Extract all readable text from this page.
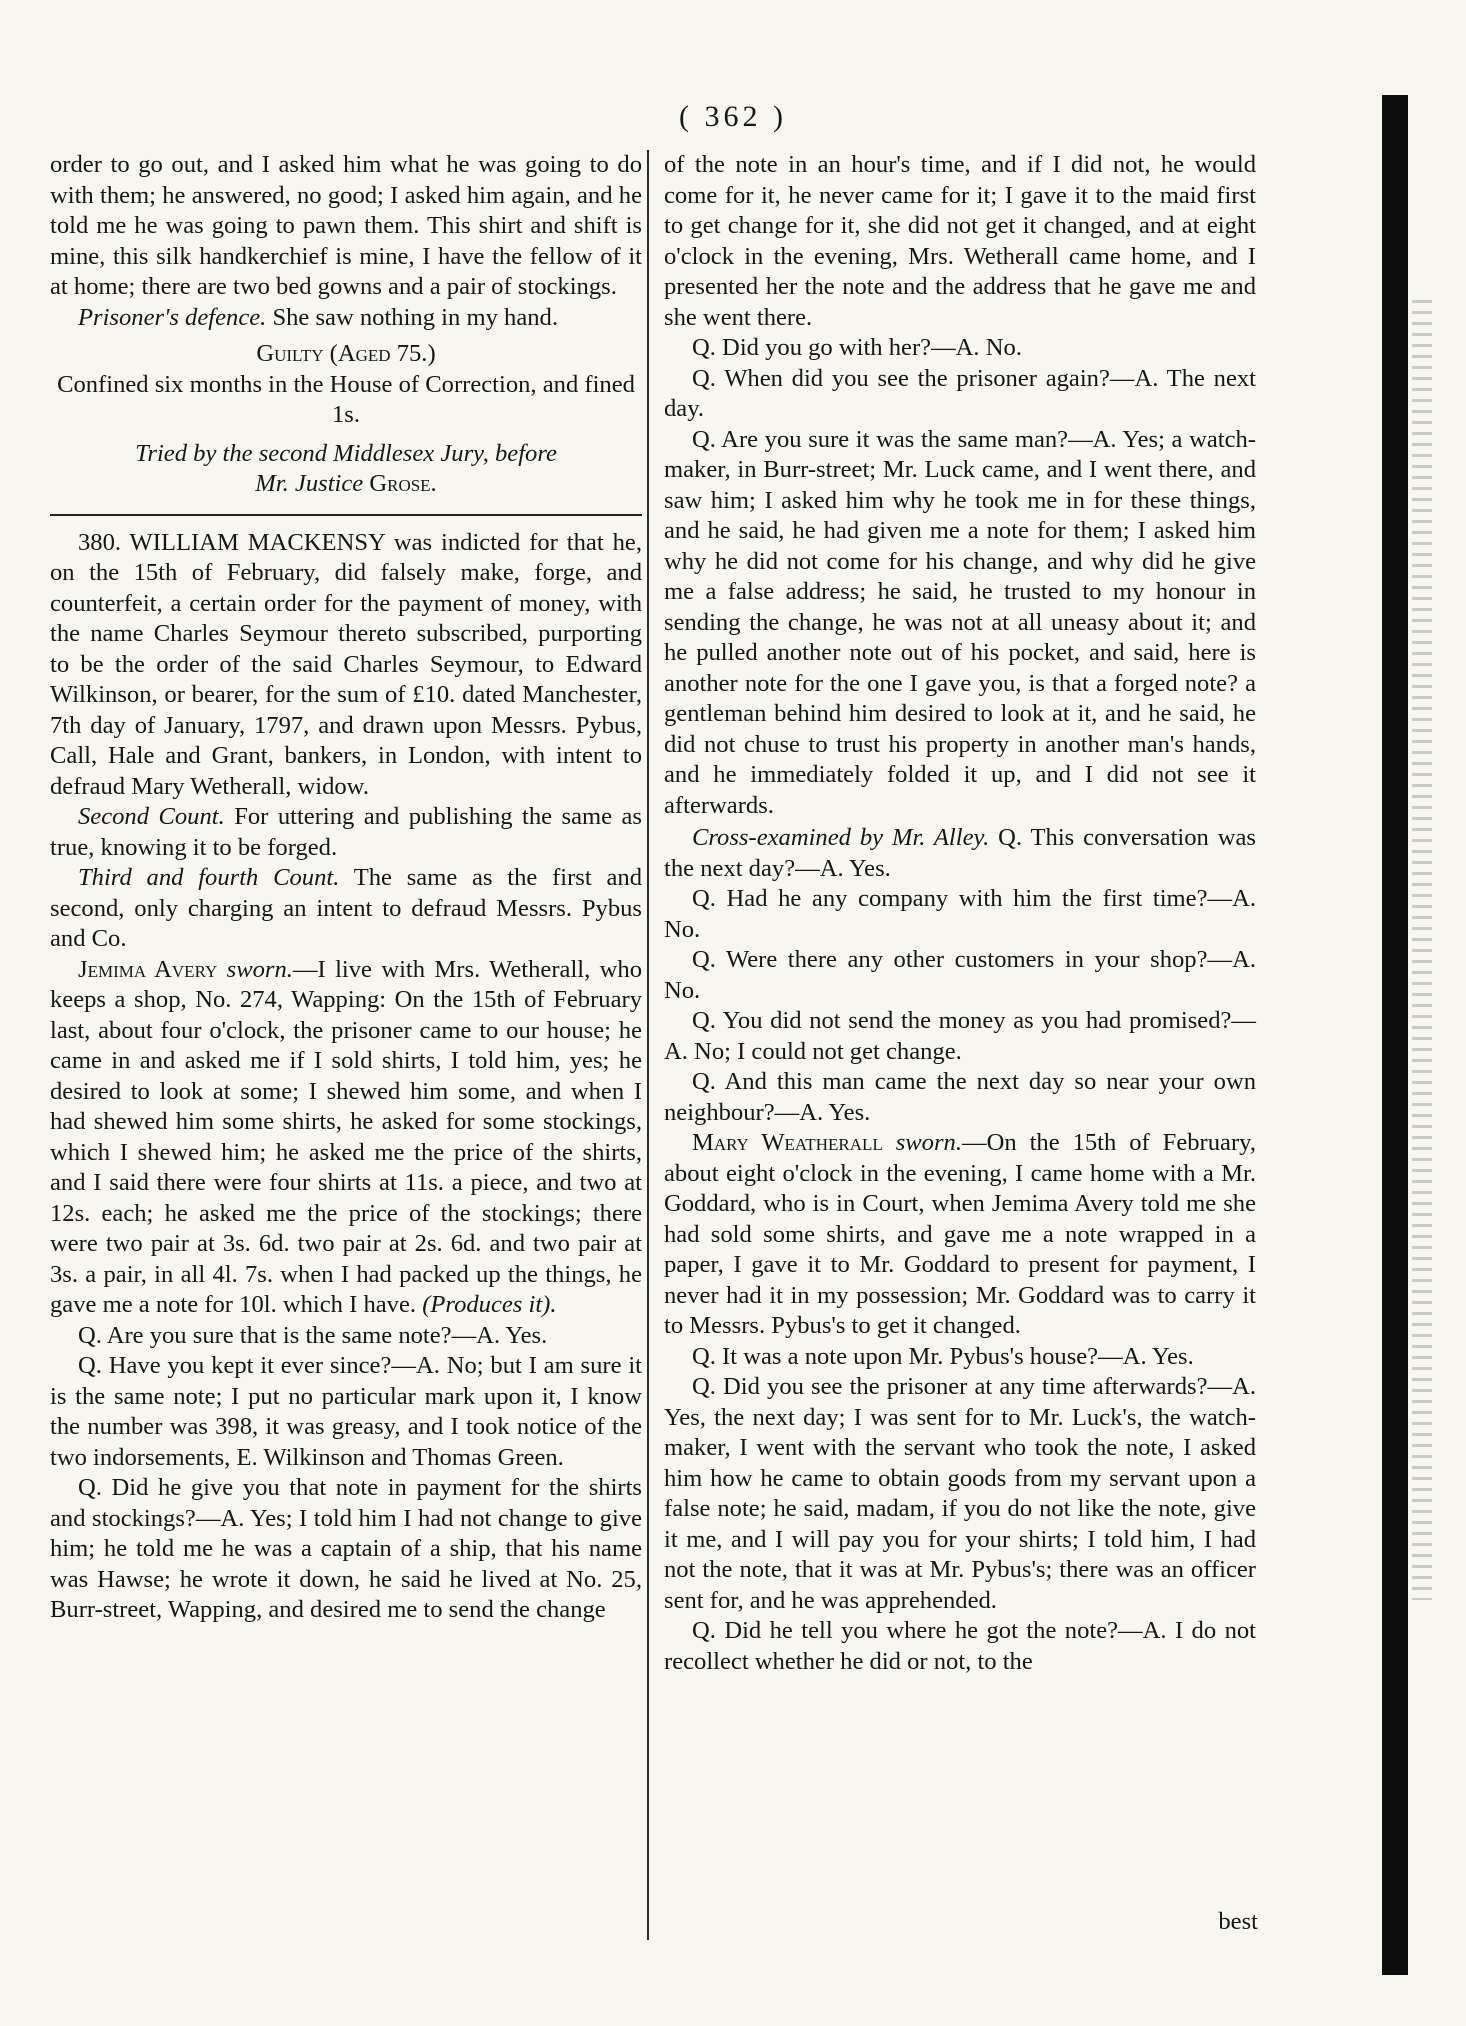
( 362 )

order to go out, and I asked him what he was going to do with them; he answered, no good; I asked him again, and he told me he was going to pawn them. This shirt and shift is mine, this silk handkerchief is mine, I have the fellow of it at home; there are two bed gowns and a pair of stockings.

Prisoner's defence. She saw nothing in my hand.

Guilty (Aged 75.)

Confined six months in the House of Correction, and fined 1s.

Tried by the second Middlesex Jury, before
Mr. Justice Grose.

380. WILLIAM MACKENSY was indicted for that he, on the 15th of February, did falsely make, forge, and counterfeit, a certain order for the payment of money, with the name Charles Seymour thereto subscribed, purporting to be the order of the said Charles Seymour, to Edward Wilkinson, or bearer, for the sum of £10. dated Manchester, 7th day of January, 1797, and drawn upon Messrs. Pybus, Call, Hale and Grant, bankers, in London, with intent to defraud Mary Wetherall, widow.

Second Count. For uttering and publishing the same as true, knowing it to be forged.

Third and fourth Count. The same as the first and second, only charging an intent to defraud Messrs. Pybus and Co.

Jemima Avery sworn.—I live with Mrs. Wetherall, who keeps a shop, No. 274, Wapping: On the 15th of February last, about four o'clock, the prisoner came to our house; he came in and asked me if I sold shirts, I told him, yes; he desired to look at some; I shewed him some, and when I had shewed him some shirts, he asked for some stockings, which I shewed him; he asked me the price of the shirts, and I said there were four shirts at 11s. a piece, and two at 12s. each; he asked me the price of the stockings; there were two pair at 3s. 6d. two pair at 2s. 6d. and two pair at 3s. a pair, in all 4l. 7s. when I had packed up the things, he gave me a note for 10l. which I have. (Produces it).

Q. Are you sure that is the same note?—A. Yes.

Q. Have you kept it ever since?—A. No; but I am sure it is the same note; I put no particular mark upon it, I know the number was 398, it was greasy, and I took notice of the two indorsements, E. Wilkinson and Thomas Green.

Q. Did he give you that note in payment for the shirts and stockings?—A. Yes; I told him I had not change to give him; he told me he was a captain of a ship, that his name was Hawse; he wrote it down, he said he lived at No. 25, Burr-street, Wapping, and desired me to send the change

of the note in an hour's time, and if I did not, he would come for it, he never came for it; I gave it to the maid first to get change for it, she did not get it changed, and at eight o'clock in the evening, Mrs. Wetherall came home, and I presented her the note and the address that he gave me and she went there.

Q. Did you go with her?—A. No.

Q. When did you see the prisoner again?—A. The next day.

Q. Are you sure it was the same man?—A. Yes; a watch-maker, in Burr-street; Mr. Luck came, and I went there, and saw him; I asked him why he took me in for these things, and he said, he had given me a note for them; I asked him why he did not come for his change, and why did he give me a false address; he said, he trusted to my honour in sending the change, he was not at all uneasy about it; and he pulled another note out of his pocket, and said, here is another note for the one I gave you, is that a forged note? a gentleman behind him desired to look at it, and he said, he did not chuse to trust his property in another man's hands, and he immediately folded it up, and I did not see it afterwards.

Cross-examined by Mr. Alley. Q. This conversation was the next day?—A. Yes.

Q. Had he any company with him the first time?—A. No.

Q. Were there any other customers in your shop?—A. No.

Q. You did not send the money as you had promised?—A. No; I could not get change.

Q. And this man came the next day so near your own neighbour?—A. Yes.

Mary Weatherall sworn.—On the 15th of February, about eight o'clock in the evening, I came home with a Mr. Goddard, who is in Court, when Jemima Avery told me she had sold some shirts, and gave me a note wrapped in a paper, I gave it to Mr. Goddard to present for payment, I never had it in my possession; Mr. Goddard was to carry it to Messrs. Pybus's to get it changed.

Q. It was a note upon Mr. Pybus's house?—A. Yes.

Q. Did you see the prisoner at any time afterwards?—A. Yes, the next day; I was sent for to Mr. Luck's, the watch-maker, I went with the servant who took the note, I asked him how he came to obtain goods from my servant upon a false note; he said, madam, if you do not like the note, give it me, and I will pay you for your shirts; I told him, I had not the note, that it was at Mr. Pybus's; there was an officer sent for, and he was apprehended.

Q. Did he tell you where he got the note?—A. I do not recollect whether he did or not, to the

best
